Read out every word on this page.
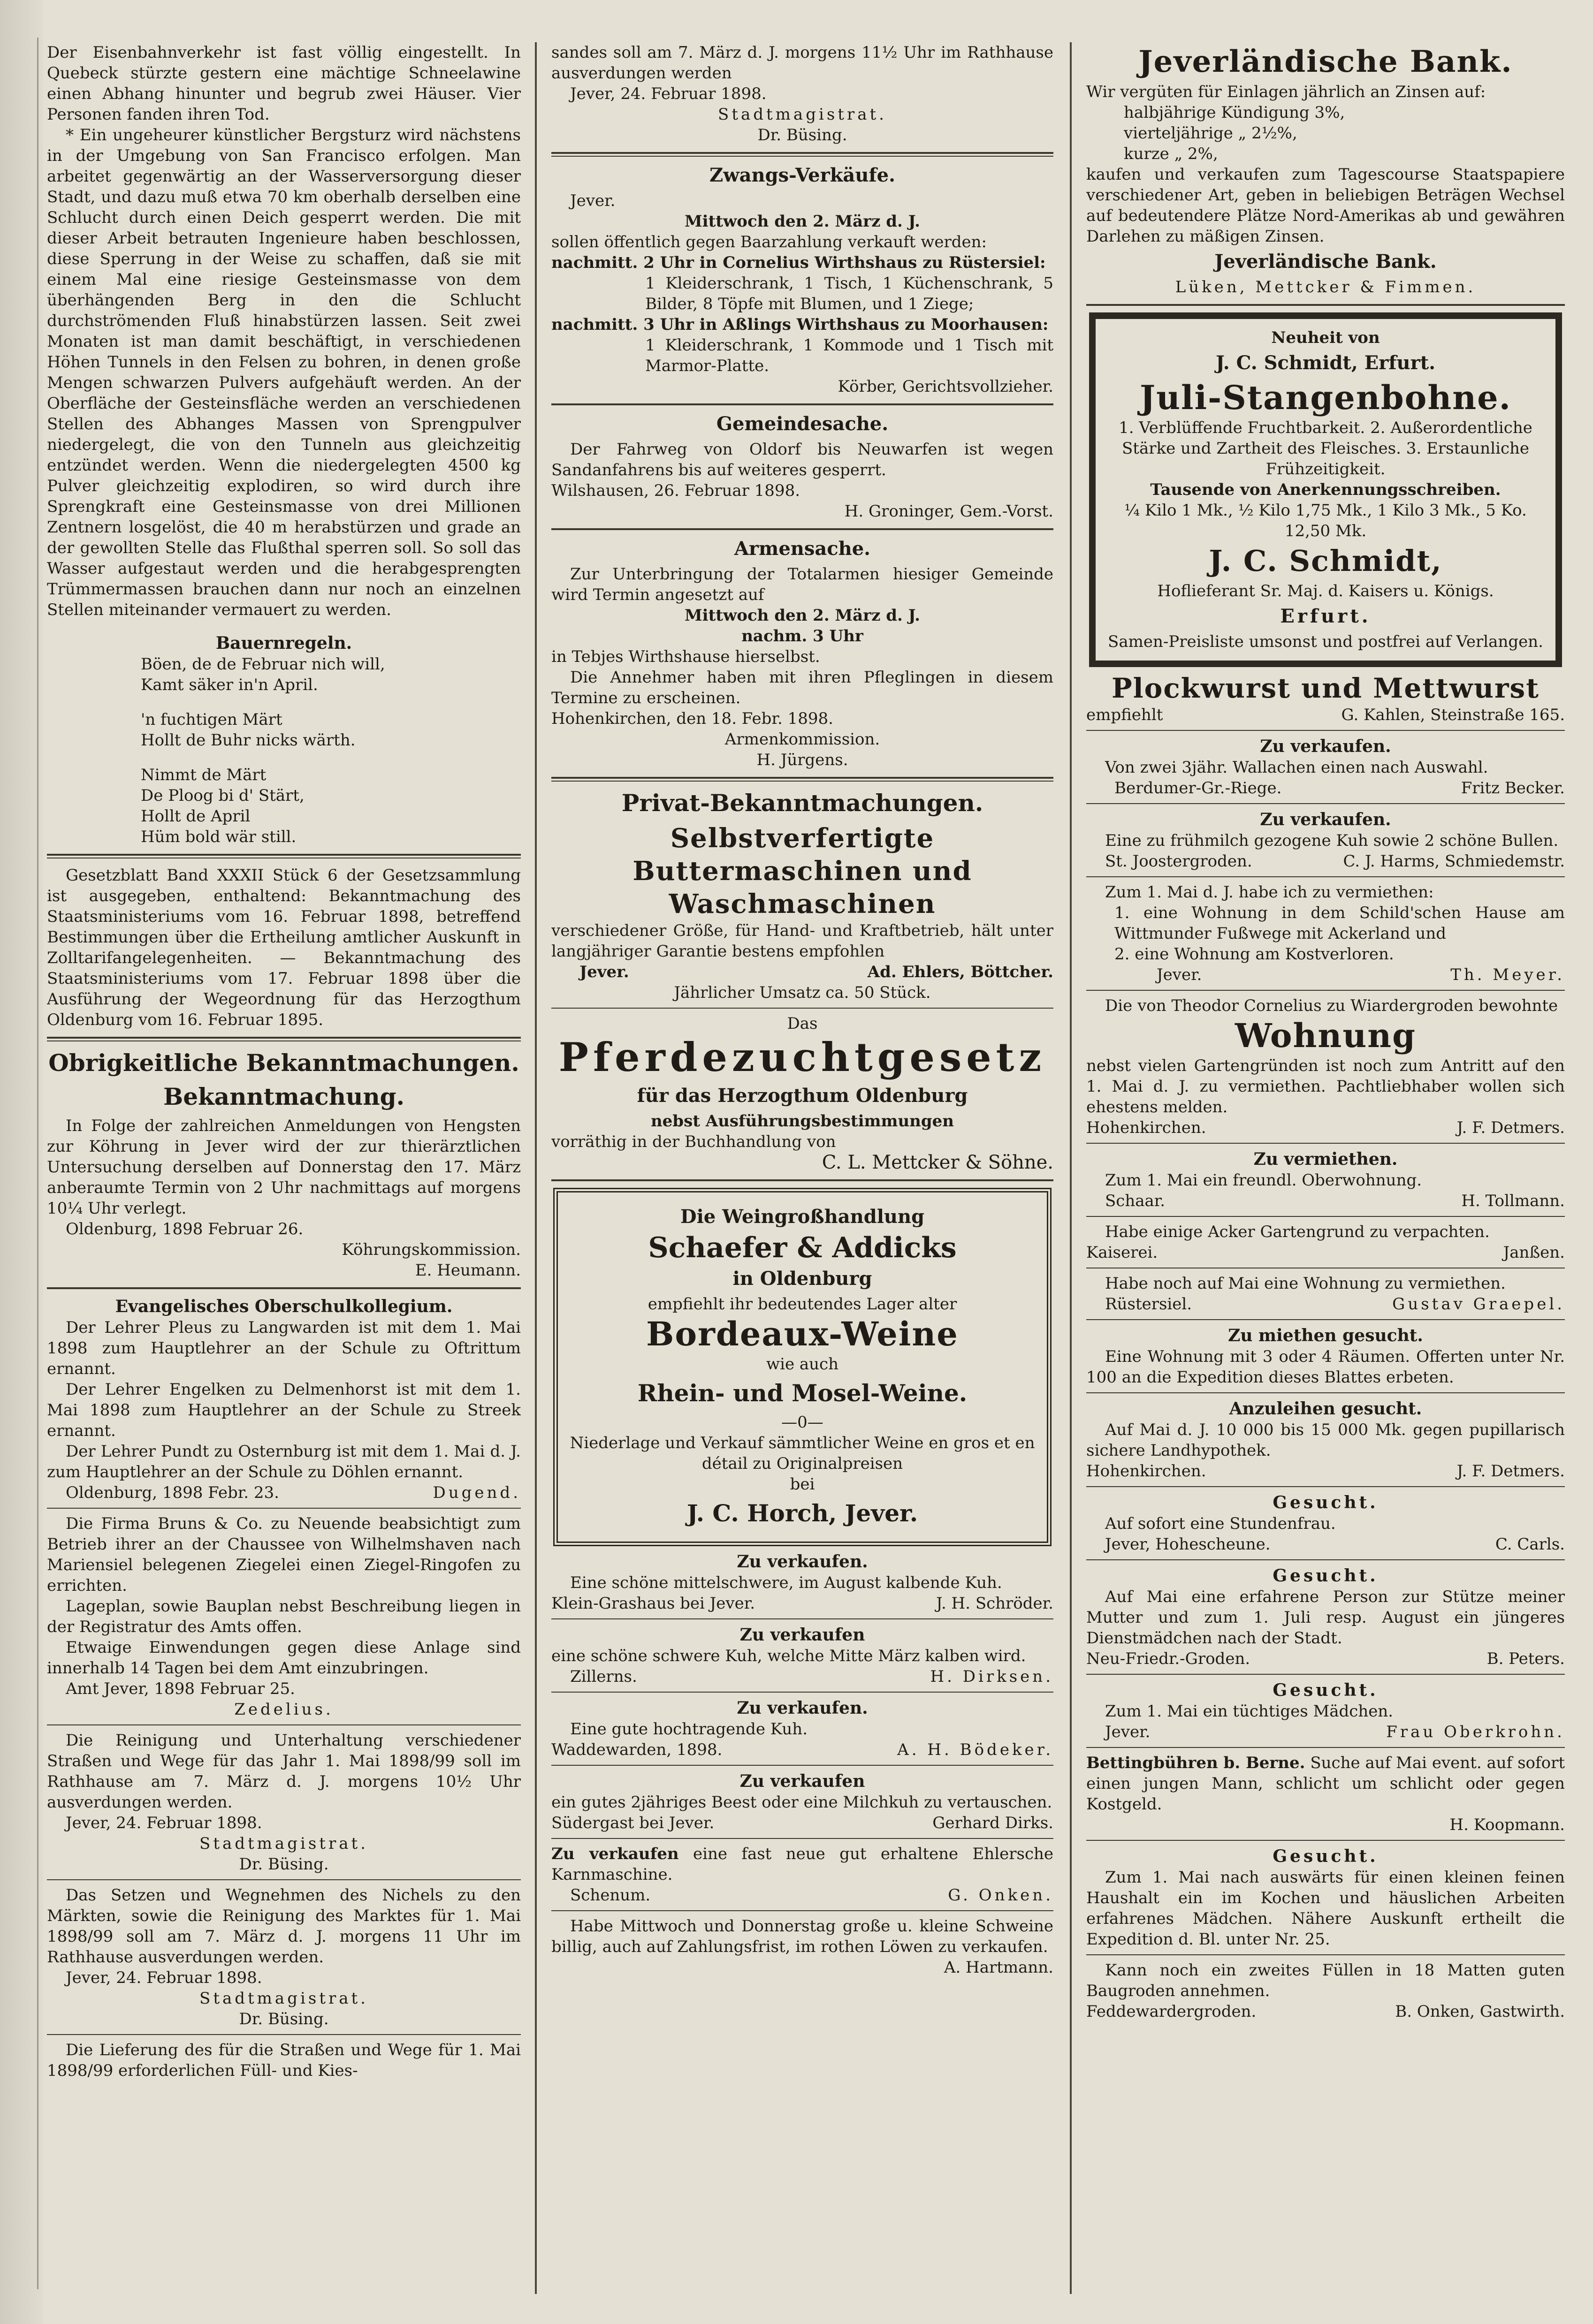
Der Eisenbahnverkehr ist fast völlig eingestellt. In Quebeck stürzte gestern eine mächtige Schneelawine einen Abhang hinunter und begrub zwei Häuser. Vier Personen fanden ihren Tod.

* Ein ungeheurer künstlicher Bergsturz wird nächstens in der Umgebung von San Francisco erfolgen. Man arbeitet gegenwärtig an der Wasserversorgung dieser Stadt, und dazu muß etwa 70 km oberhalb derselben eine Schlucht durch einen Deich gesperrt werden. Die mit dieser Arbeit betrauten Ingenieure haben beschlossen, diese Sperrung in der Weise zu schaffen, daß sie mit einem Mal eine riesige Gesteinsmasse von dem überhängenden Berg in den die Schlucht durchströmenden Fluß hinabstürzen lassen. Seit zwei Monaten ist man damit beschäftigt, in verschiedenen Höhen Tunnels in den Felsen zu bohren, in denen große Mengen schwarzen Pulvers aufgehäuft werden. An der Oberfläche der Gesteinsfläche werden an verschiedenen Stellen des Abhanges Massen von Sprengpulver niedergelegt, die von den Tunneln aus gleichzeitig entzündet werden. Wenn die niedergelegten 4500 kg Pulver gleichzeitig explodiren, so wird durch ihre Sprengkraft eine Gesteinsmasse von drei Millionen Zentnern losgelöst, die 40 m herabstürzen und grade an der gewollten Stelle das Flußthal sperren soll. So soll das Wasser aufgestaut werden und die herabgesprengten Trümmermassen brauchen dann nur noch an einzelnen Stellen miteinander vermauert zu werden.

Bauernregeln.

Böen, de de Februar nich will,
Kamt säker in'n April.
'n fuchtigen Märt
Hollt de Buhr nicks wärth.
Nimmt de Märt
De Ploog bi d' Stärt,
Hollt de April
Hüm bold wär still.

Gesetzblatt Band XXXII Stück 6 der Gesetzsammlung ist ausgegeben, enthaltend: Bekanntmachung des Staatsministeriums vom 16. Februar 1898, betreffend Bestimmungen über die Ertheilung amtlicher Auskunft in Zolltarifangelegenheiten. — Bekanntmachung des Staatsministeriums vom 17. Februar 1898 über die Ausführung der Wegeordnung für das Herzogthum Oldenburg vom 16. Februar 1895.

Obrigkeitliche Bekanntmachungen.

Bekanntmachung.

In Folge der zahlreichen Anmeldungen von Hengsten zur Köhrung in Jever wird der zur thierärztlichen Untersuchung derselben auf Donnerstag den 17. März anberaumte Termin von 2 Uhr nachmittags auf morgens 10¼ Uhr verlegt.

Oldenburg, 1898 Februar 26.

Köhrungskommission.

E. Heumann.

Evangelisches Oberschulkollegium.

Der Lehrer Pleus zu Langwarden ist mit dem 1. Mai 1898 zum Hauptlehrer an der Schule zu Oftrittum ernannt.

Der Lehrer Engelken zu Delmenhorst ist mit dem 1. Mai 1898 zum Hauptlehrer an der Schule zu Streek ernannt.

Der Lehrer Pundt zu Osternburg ist mit dem 1. Mai d. J. zum Hauptlehrer an der Schule zu Döhlen ernannt.

Oldenburg, 1898 Febr. 23.	Dugend.

Die Firma Bruns & Co. zu Neuende beabsichtigt zum Betrieb ihrer an der Chaussee von Wilhelmshaven nach Mariensiel belegenen Ziegelei einen Ziegel-Ringofen zu errichten.

Lageplan, sowie Bauplan nebst Beschreibung liegen in der Registratur des Amts offen.

Etwaige Einwendungen gegen diese Anlage sind innerhalb 14 Tagen bei dem Amt einzubringen.

Amt Jever, 1898 Februar 25.

Zedelius.

Die Reinigung und Unterhaltung verschiedener Straßen und Wege für das Jahr 1. Mai 1898/99 soll im Rathhause am 7. März d. J. morgens 10½ Uhr ausverdungen werden.

Jever, 24. Februar 1898.

Stadtmagistrat.

Dr. Büsing.

Das Setzen und Wegnehmen des Nichels zu den Märkten, sowie die Reinigung des Marktes für 1. Mai 1898/99 soll am 7. März d. J. morgens 11 Uhr im Rathhause ausverdungen werden.

Jever, 24. Februar 1898.

Stadtmagistrat.

Dr. Büsing.

Die Lieferung des für die Straßen und Wege für 1. Mai 1898/99 erforderlichen Füll- und Kies-

sandes soll am 7. März d. J. morgens 11½ Uhr im Rathhause ausverdungen werden

Jever, 24. Februar 1898.

Stadtmagistrat.

Dr. Büsing.

Zwangs-Verkäufe.

Jever.

Mittwoch den 2. März d. J.

sollen öffentlich gegen Baarzahlung verkauft werden:

nachmitt. 2 Uhr in Cornelius Wirthshaus zu Rüstersiel:

1 Kleiderschrank, 1 Tisch, 1 Küchenschrank, 5 Bilder, 8 Töpfe mit Blumen, und 1 Ziege;

nachmitt. 3 Uhr in Aßlings Wirthshaus zu Moorhausen:

1 Kleiderschrank, 1 Kommode und 1 Tisch mit Marmor-Platte.

Körber, Gerichtsvollzieher.

Gemeindesache.

Der Fahrweg von Oldorf bis Neuwarfen ist wegen Sandanfahrens bis auf weiteres gesperrt.

Wilshausen, 26. Februar 1898.

H. Groninger, Gem.-Vorst.

Armensache.

Zur Unterbringung der Totalarmen hiesiger Gemeinde wird Termin angesetzt auf

Mittwoch den 2. März d. J.

nachm. 3 Uhr

in Tebjes Wirthshause hierselbst.

Die Annehmer haben mit ihren Pfleglingen in diesem Termine zu erscheinen.

Hohenkirchen, den 18. Febr. 1898.

Armenkommission.

H. Jürgens.

Privat-Bekanntmachungen.

Selbstverfertigte Buttermaschinen und Waschmaschinen

verschiedener Größe, für Hand- und Kraftbetrieb, hält unter langjähriger Garantie bestens empfohlen

Jever.	Ad. Ehlers, Böttcher.

Jährlicher Umsatz ca. 50 Stück.

Das

Pferdezuchtgesetz

für das Herzogthum Oldenburg

nebst Ausführungsbestimmungen

vorräthig in der Buchhandlung von

C. L. Mettcker & Söhne.

Die Weingroßhandlung

Schaefer & Addicks

in Oldenburg

empfiehlt ihr bedeutendes Lager alter

Bordeaux-Weine

wie auch

Rhein- und Mosel-Weine.

—0—

Niederlage und Verkauf sämmtlicher Weine en gros et en détail zu Originalpreisen

bei

J. C. Horch, Jever.

Zu verkaufen.

Eine schöne mittelschwere, im August kalbende Kuh.

Klein-Grashaus bei Jever.	J. H. Schröder.

Zu verkaufen

eine schöne schwere Kuh, welche Mitte März kalben wird.

Zillerns.	H. Dirksen.

Zu verkaufen.

Eine gute hochtragende Kuh.

Waddewarden, 1898.	A. H. Bödeker.

Zu verkaufen

ein gutes 2jähriges Beest oder eine Milchkuh zu vertauschen.

Südergast bei Jever.	Gerhard Dirks.

Zu verkaufen eine fast neue gut erhaltene Ehlersche Karnmaschine.

Schenum.	G. Onken.

Habe Mittwoch und Donnerstag große u. kleine Schweine billig, auch auf Zahlungsfrist, im rothen Löwen zu verkaufen.

A. Hartmann.

Jeverländische Bank.

Wir vergüten für Einlagen jährlich an Zinsen auf:

halbjährige Kündigung 3%,

vierteljährige „ 2½%,

kurze „ 2%,

kaufen und verkaufen zum Tagescourse Staatspapiere verschiedener Art, geben in beliebigen Beträgen Wechsel auf bedeutendere Plätze Nord-Amerikas ab und gewähren Darlehen zu mäßigen Zinsen.

Jeverländische Bank.

Lüken, Mettcker & Fimmen.

Neuheit von

J. C. Schmidt, Erfurt.

Juli-Stangenbohne.

1. Verblüffende Fruchtbarkeit. 2. Außerordentliche Stärke und Zartheit des Fleisches. 3. Erstaunliche Frühzeitigkeit.

Tausende von Anerkennungsschreiben.

¼ Kilo 1 Mk., ½ Kilo 1,75 Mk., 1 Kilo 3 Mk., 5 Ko. 12,50 Mk.

J. C. Schmidt,

Hoflieferant Sr. Maj. d. Kaisers u. Königs.

Erfurt.

Samen-Preisliste umsonst und postfrei auf Verlangen.

Plockwurst und Mettwurst

empfiehlt	G. Kahlen, Steinstraße 165.

Zu verkaufen.

Von zwei 3jähr. Wallachen einen nach Auswahl.

Berdumer-Gr.-Riege.	Fritz Becker.

Zu verkaufen.

Eine zu frühmilch gezogene Kuh sowie 2 schöne Bullen.

St. Joostergroden.	C. J. Harms, Schmiedemstr.

Zum 1. Mai d. J. habe ich zu vermiethen:

1. eine Wohnung in dem Schild'schen Hause am Wittmunder Fußwege mit Ackerland und

2. eine Wohnung am Kostverloren.

Jever.	Th. Meyer.

Die von Theodor Cornelius zu Wiardergroden bewohnte

Wohnung

nebst vielen Gartengründen ist noch zum Antritt auf den 1. Mai d. J. zu vermiethen. Pachtliebhaber wollen sich ehestens melden.

Hohenkirchen.	J. F. Detmers.

Zu vermiethen.

Zum 1. Mai ein freundl. Oberwohnung.

Schaar.	H. Tollmann.

Habe einige Acker Gartengrund zu verpachten.

Kaiserei.	Janßen.

Habe noch auf Mai eine Wohnung zu vermiethen.

Rüstersiel.	Gustav Graepel.

Zu miethen gesucht.

Eine Wohnung mit 3 oder 4 Räumen. Offerten unter Nr. 100 an die Expedition dieses Blattes erbeten.

Anzuleihen gesucht.

Auf Mai d. J. 10 000 bis 15 000 Mk. gegen pupillarisch sichere Landhypothek.

Hohenkirchen.	J. F. Detmers.

Gesucht.

Auf sofort eine Stundenfrau.

Jever, Hohescheune.	C. Carls.

Gesucht.

Auf Mai eine erfahrene Person zur Stütze meiner Mutter und zum 1. Juli resp. August ein jüngeres Dienstmädchen nach der Stadt.

Neu-Friedr.-Groden.	B. Peters.

Gesucht.

Zum 1. Mai ein tüchtiges Mädchen.

Jever.	Frau Oberkrohn.

Bettingbühren b. Berne. Suche auf Mai event. auf sofort einen jungen Mann, schlicht um schlicht oder gegen Kostgeld.

H. Koopmann.

Gesucht.

Zum 1. Mai nach auswärts für einen kleinen feinen Haushalt ein im Kochen und häuslichen Arbeiten erfahrenes Mädchen. Nähere Auskunft ertheilt die Expedition d. Bl. unter Nr. 25.

Kann noch ein zweites Füllen in 18 Matten guten Baugroden annehmen.

Feddewardergroden.	B. Onken, Gastwirth.
